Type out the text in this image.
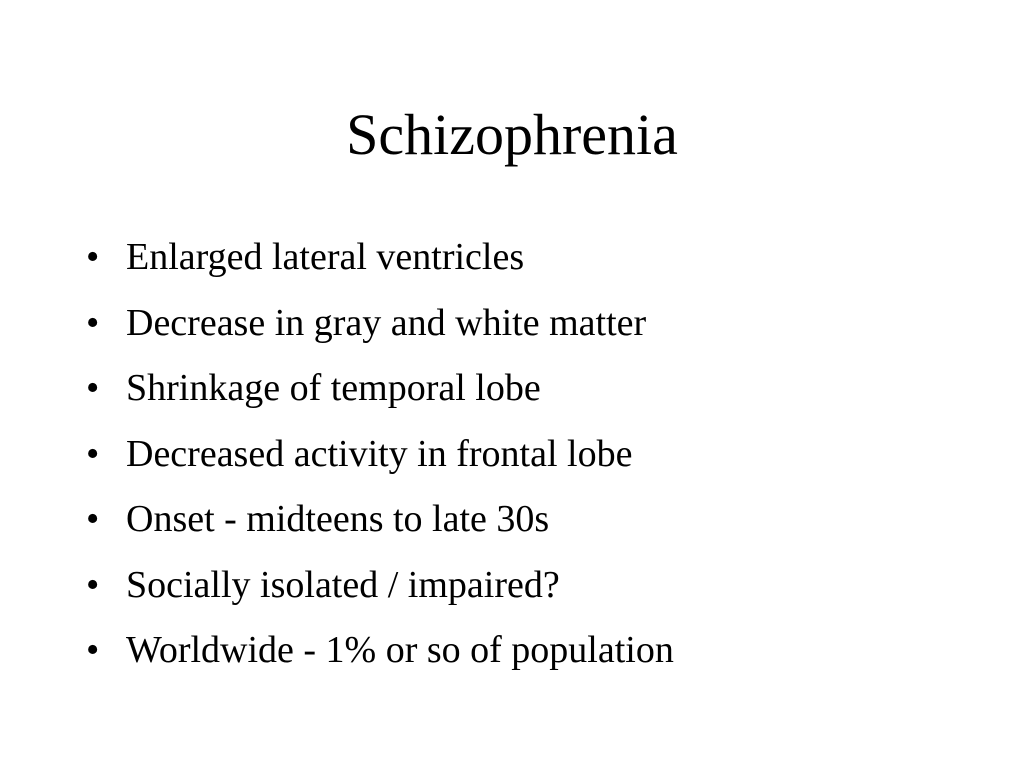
Schizophrenia
• Enlarged lateral ventricles
• Decrease in gray and white matter
• Shrinkage of temporal lobe
• Decreased activity in frontal lobe
• Onset - midteens to late 30s
• Socially isolated / impaired?
• Worldwide - 1% or so of population
